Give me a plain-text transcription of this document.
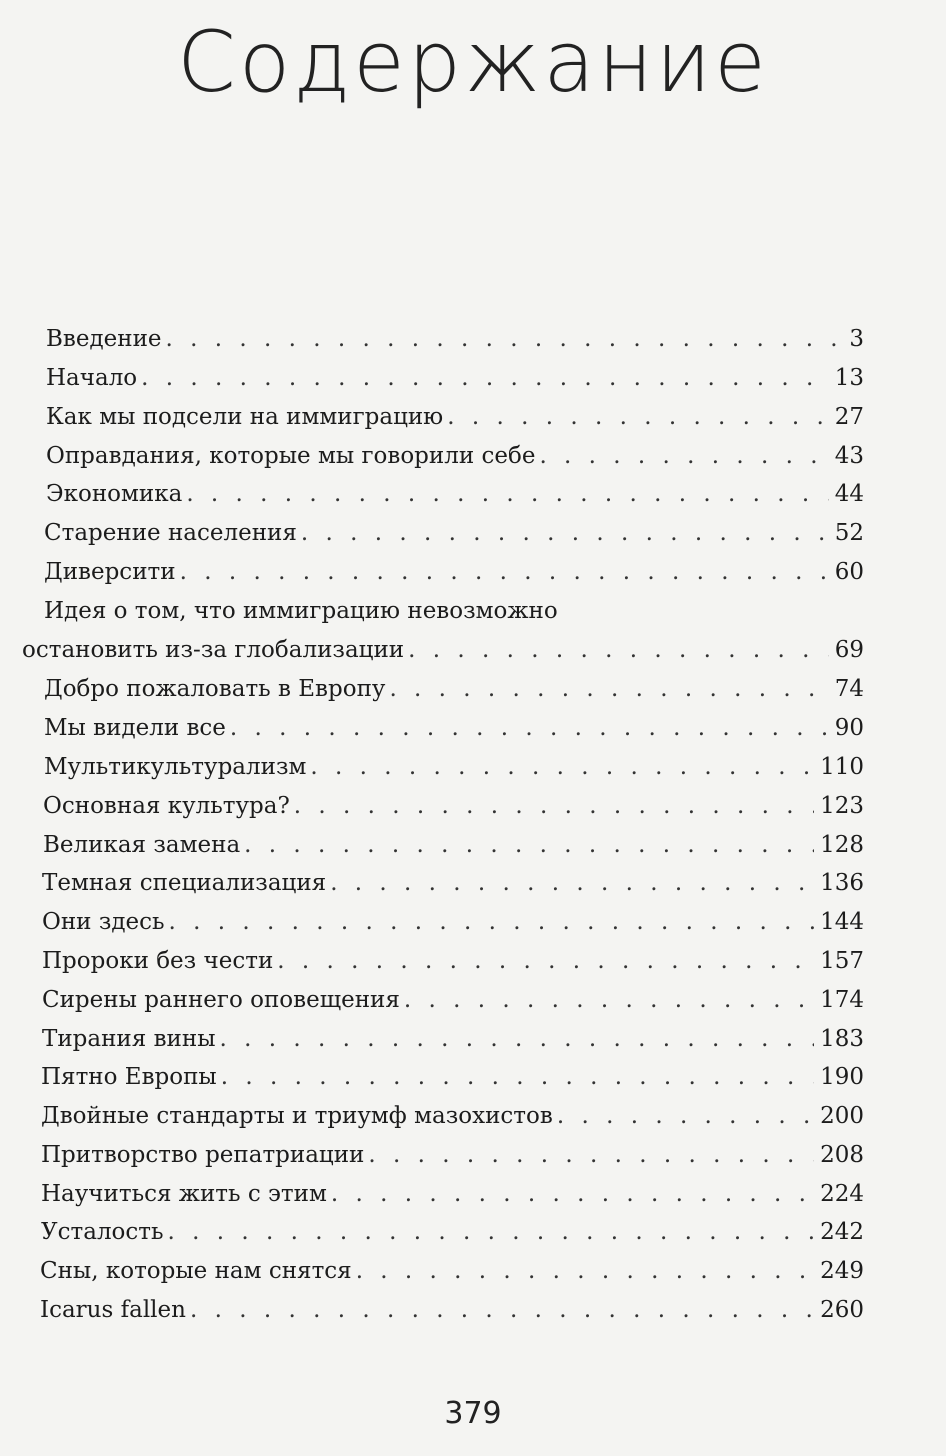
Содержание
Введение . . .	3
Начало . . .	13
Как мы подсели на иммиграцию . . .	27
Оправдания, которые мы говорили себе . . .	43
Экономика . . .	44
Старение населения . . .	52
Диверсити . . .	60
Идея о том, что иммиграцию невозможно
остановить из-за глобализации . . .	69
Добро пожаловать в Европу . . .	74
Мы видели все . . .	90
Мультикультурализм . . .	110
Основная культура? . . .	123
Великая замена . . .	128
Темная специализация . . .	136
Они здесь . . .	144
Пророки без чести . . .	157
Сирены раннего оповещения . . .	174
Тирания вины . . .	183
Пятно Европы . . .	190
Двойные стандарты и триумф мазохистов . . .	200
Притворство репатриации . . .	208
Научиться жить с этим . . .	224
Усталость . . .	242
Сны, которые нам снятся . . .	249
Icarus fallen . . .	260
379
